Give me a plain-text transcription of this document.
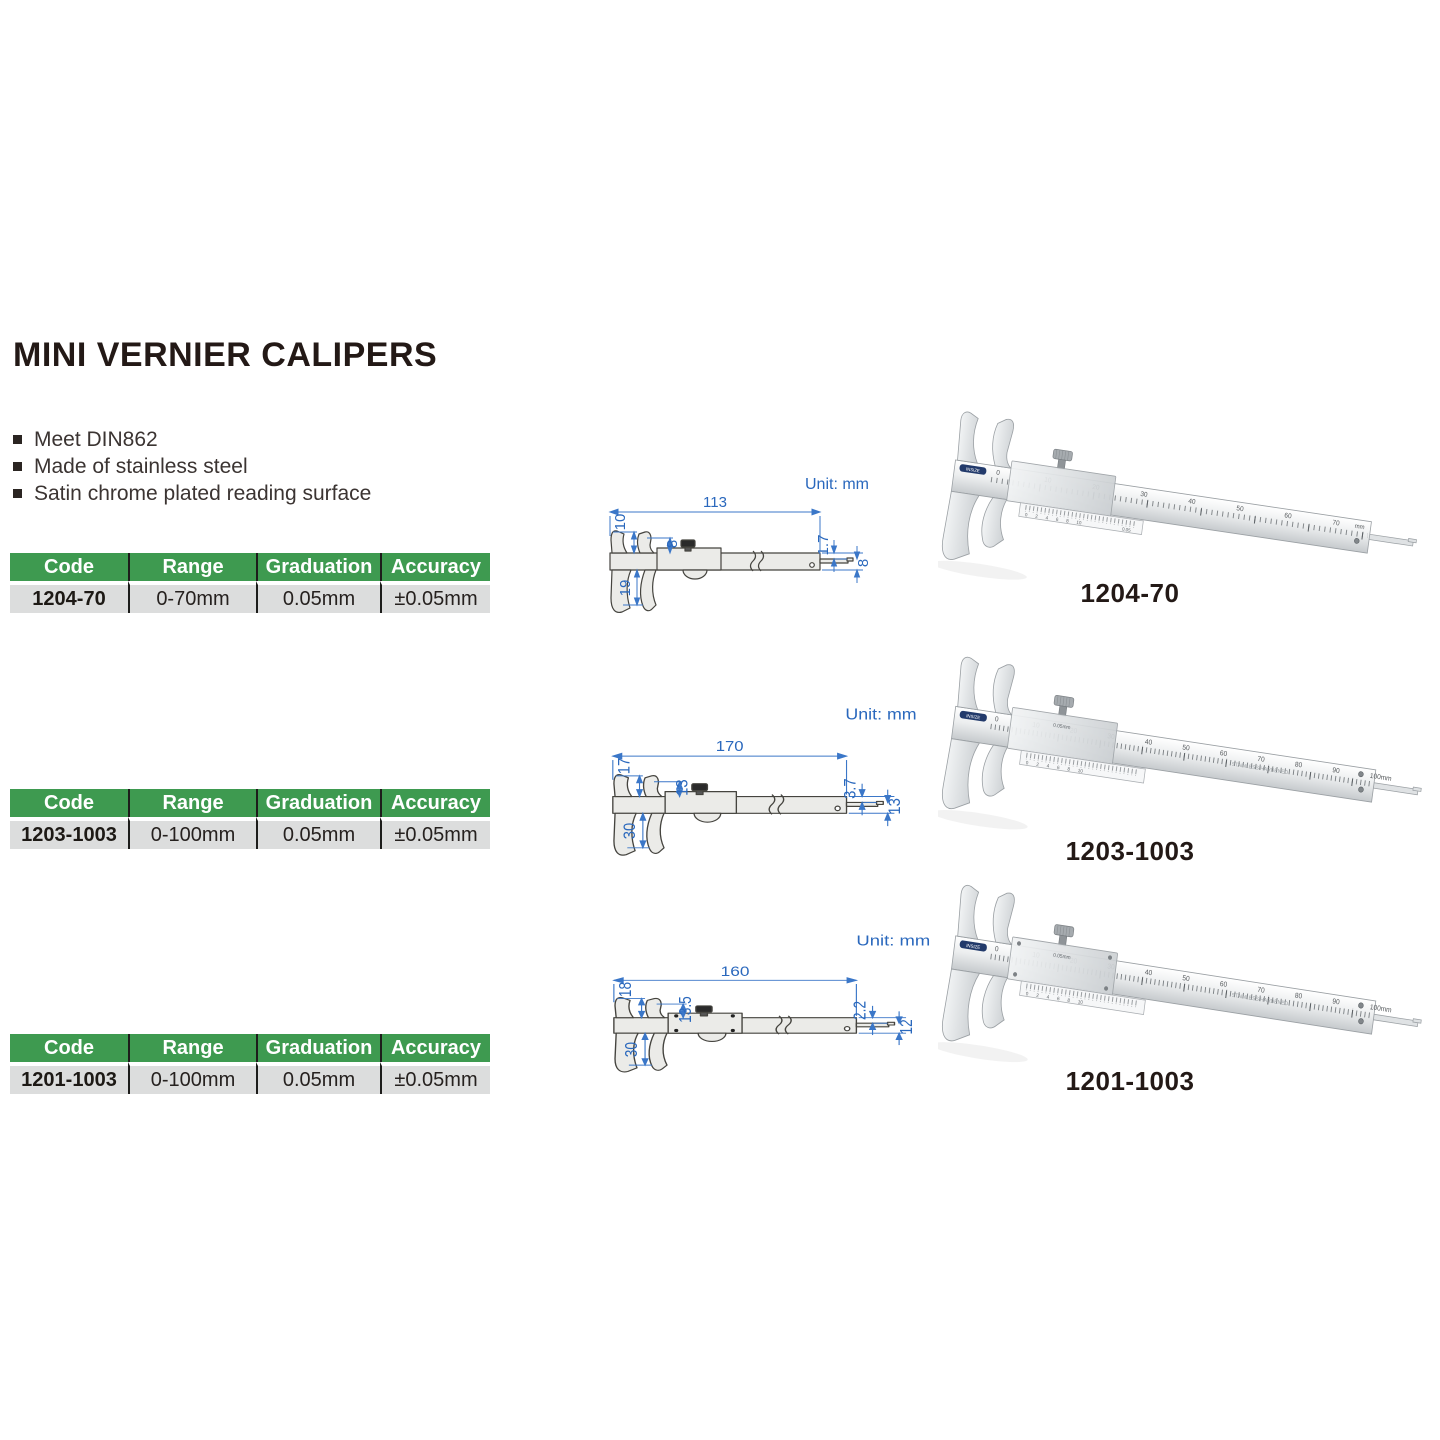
MINI VERNIER CALIPERS
Meet DIN862
Made of stainless steel
Satin chrome plated reading surface
Code	Range	Graduation Accuracy
1204-70	0-70mm	0.05mm	±0.05mm
113
10
8
19
1.7
8
Unit: mm
03040506070 mm
0 2 4 6 8 10
0.05
INSIZE
1204-70
Code	Range	Graduation Accuracy
1203-1003	0-100mm	0.05mm	±0.05mm
170
17
13
30
3.7
13
Unit: mm	0405060708090100mm
STAINLESS HARDENED
0 2 4 6 8 10
0.05mm
INSIZE
1203-1003
Code	Range	Graduation Accuracy
1201-1003	0-100mm	0.05mm	±0.05mm
160
18
13.5
30
2.2
12
Unit: mm
0405060708090100mm
STAINLESS HARDENED
0 2 4 6 8 10
0.05mm
INSIZE
1201-1003
